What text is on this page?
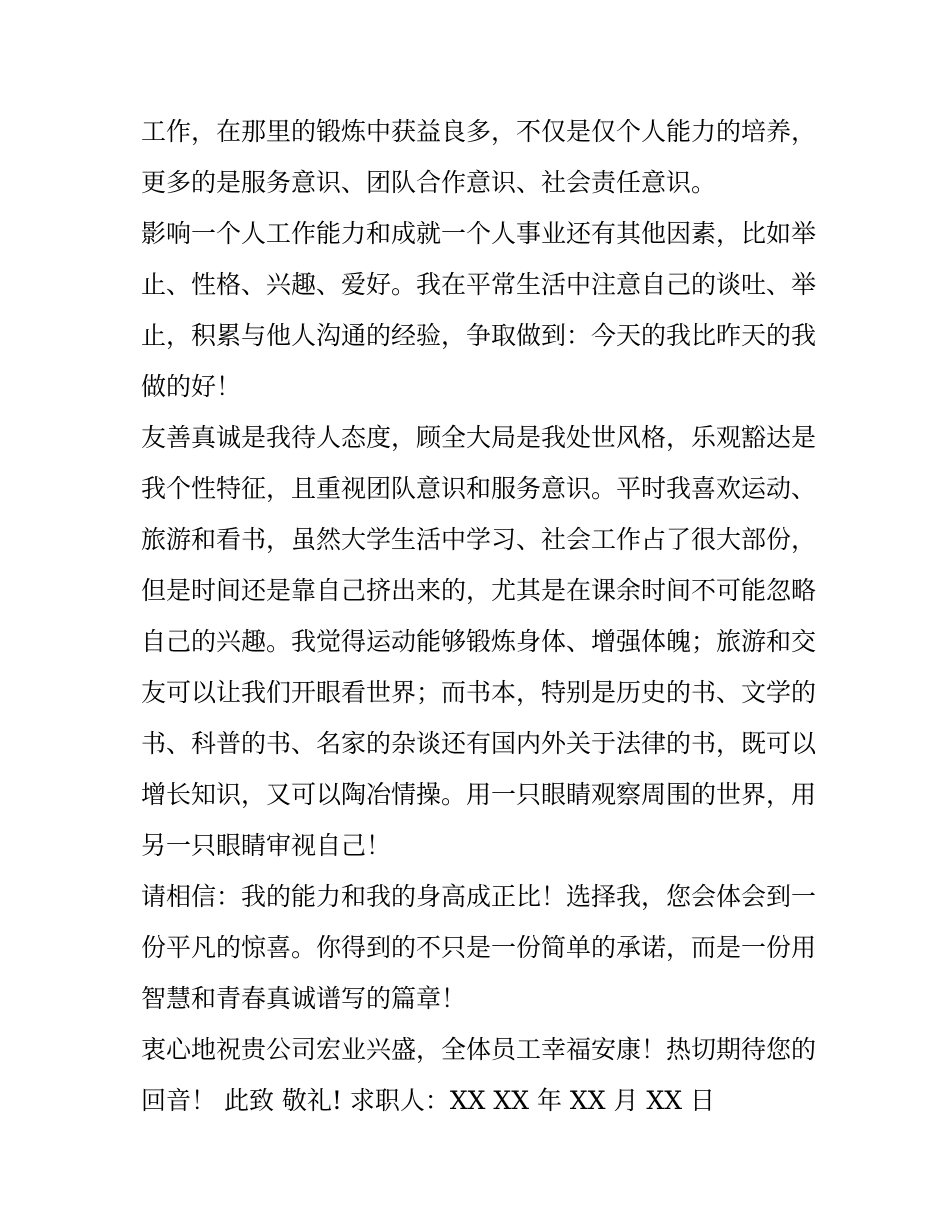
工作，在那里的锻炼中获益良多，不仅是仅个人能力的培养，
更多的是服务意识、团队合作意识、社会责任意识。
影响一个人工作能力和成就一个人事业还有其他因素，比如举
止、性格、兴趣、爱好。我在平常生活中注意自己的谈吐、举
止，积累与他人沟通的经验，争取做到：今天的我比昨天的我
做的好！
友善真诚是我待人态度，顾全大局是我处世风格，乐观豁达是
我个性特征，且重视团队意识和服务意识。平时我喜欢运动、
旅游和看书，虽然大学生活中学习、社会工作占了很大部份，
但是时间还是靠自己挤出来的，尤其是在课余时间不可能忽略
自己的兴趣。我觉得运动能够锻炼身体、增强体魄；旅游和交
友可以让我们开眼看世界；而书本，特别是历史的书、文学的
书、科普的书、名家的杂谈还有国内外关于法律的书，既可以
增长知识，又可以陶冶情操。用一只眼睛观察周围的世界，用
另一只眼睛审视自己！
请相信：我的能力和我的身高成正比！选择我，您会体会到一
份平凡的惊喜。你得到的不只是一份简单的承诺，而是一份用
智慧和青春真诚谱写的篇章！
衷心地祝贵公司宏业兴盛，全体员工幸福安康！热切期待您的
回音！ 此致 敬礼! 求职人：XX XX 年 XX 月 XX 日
